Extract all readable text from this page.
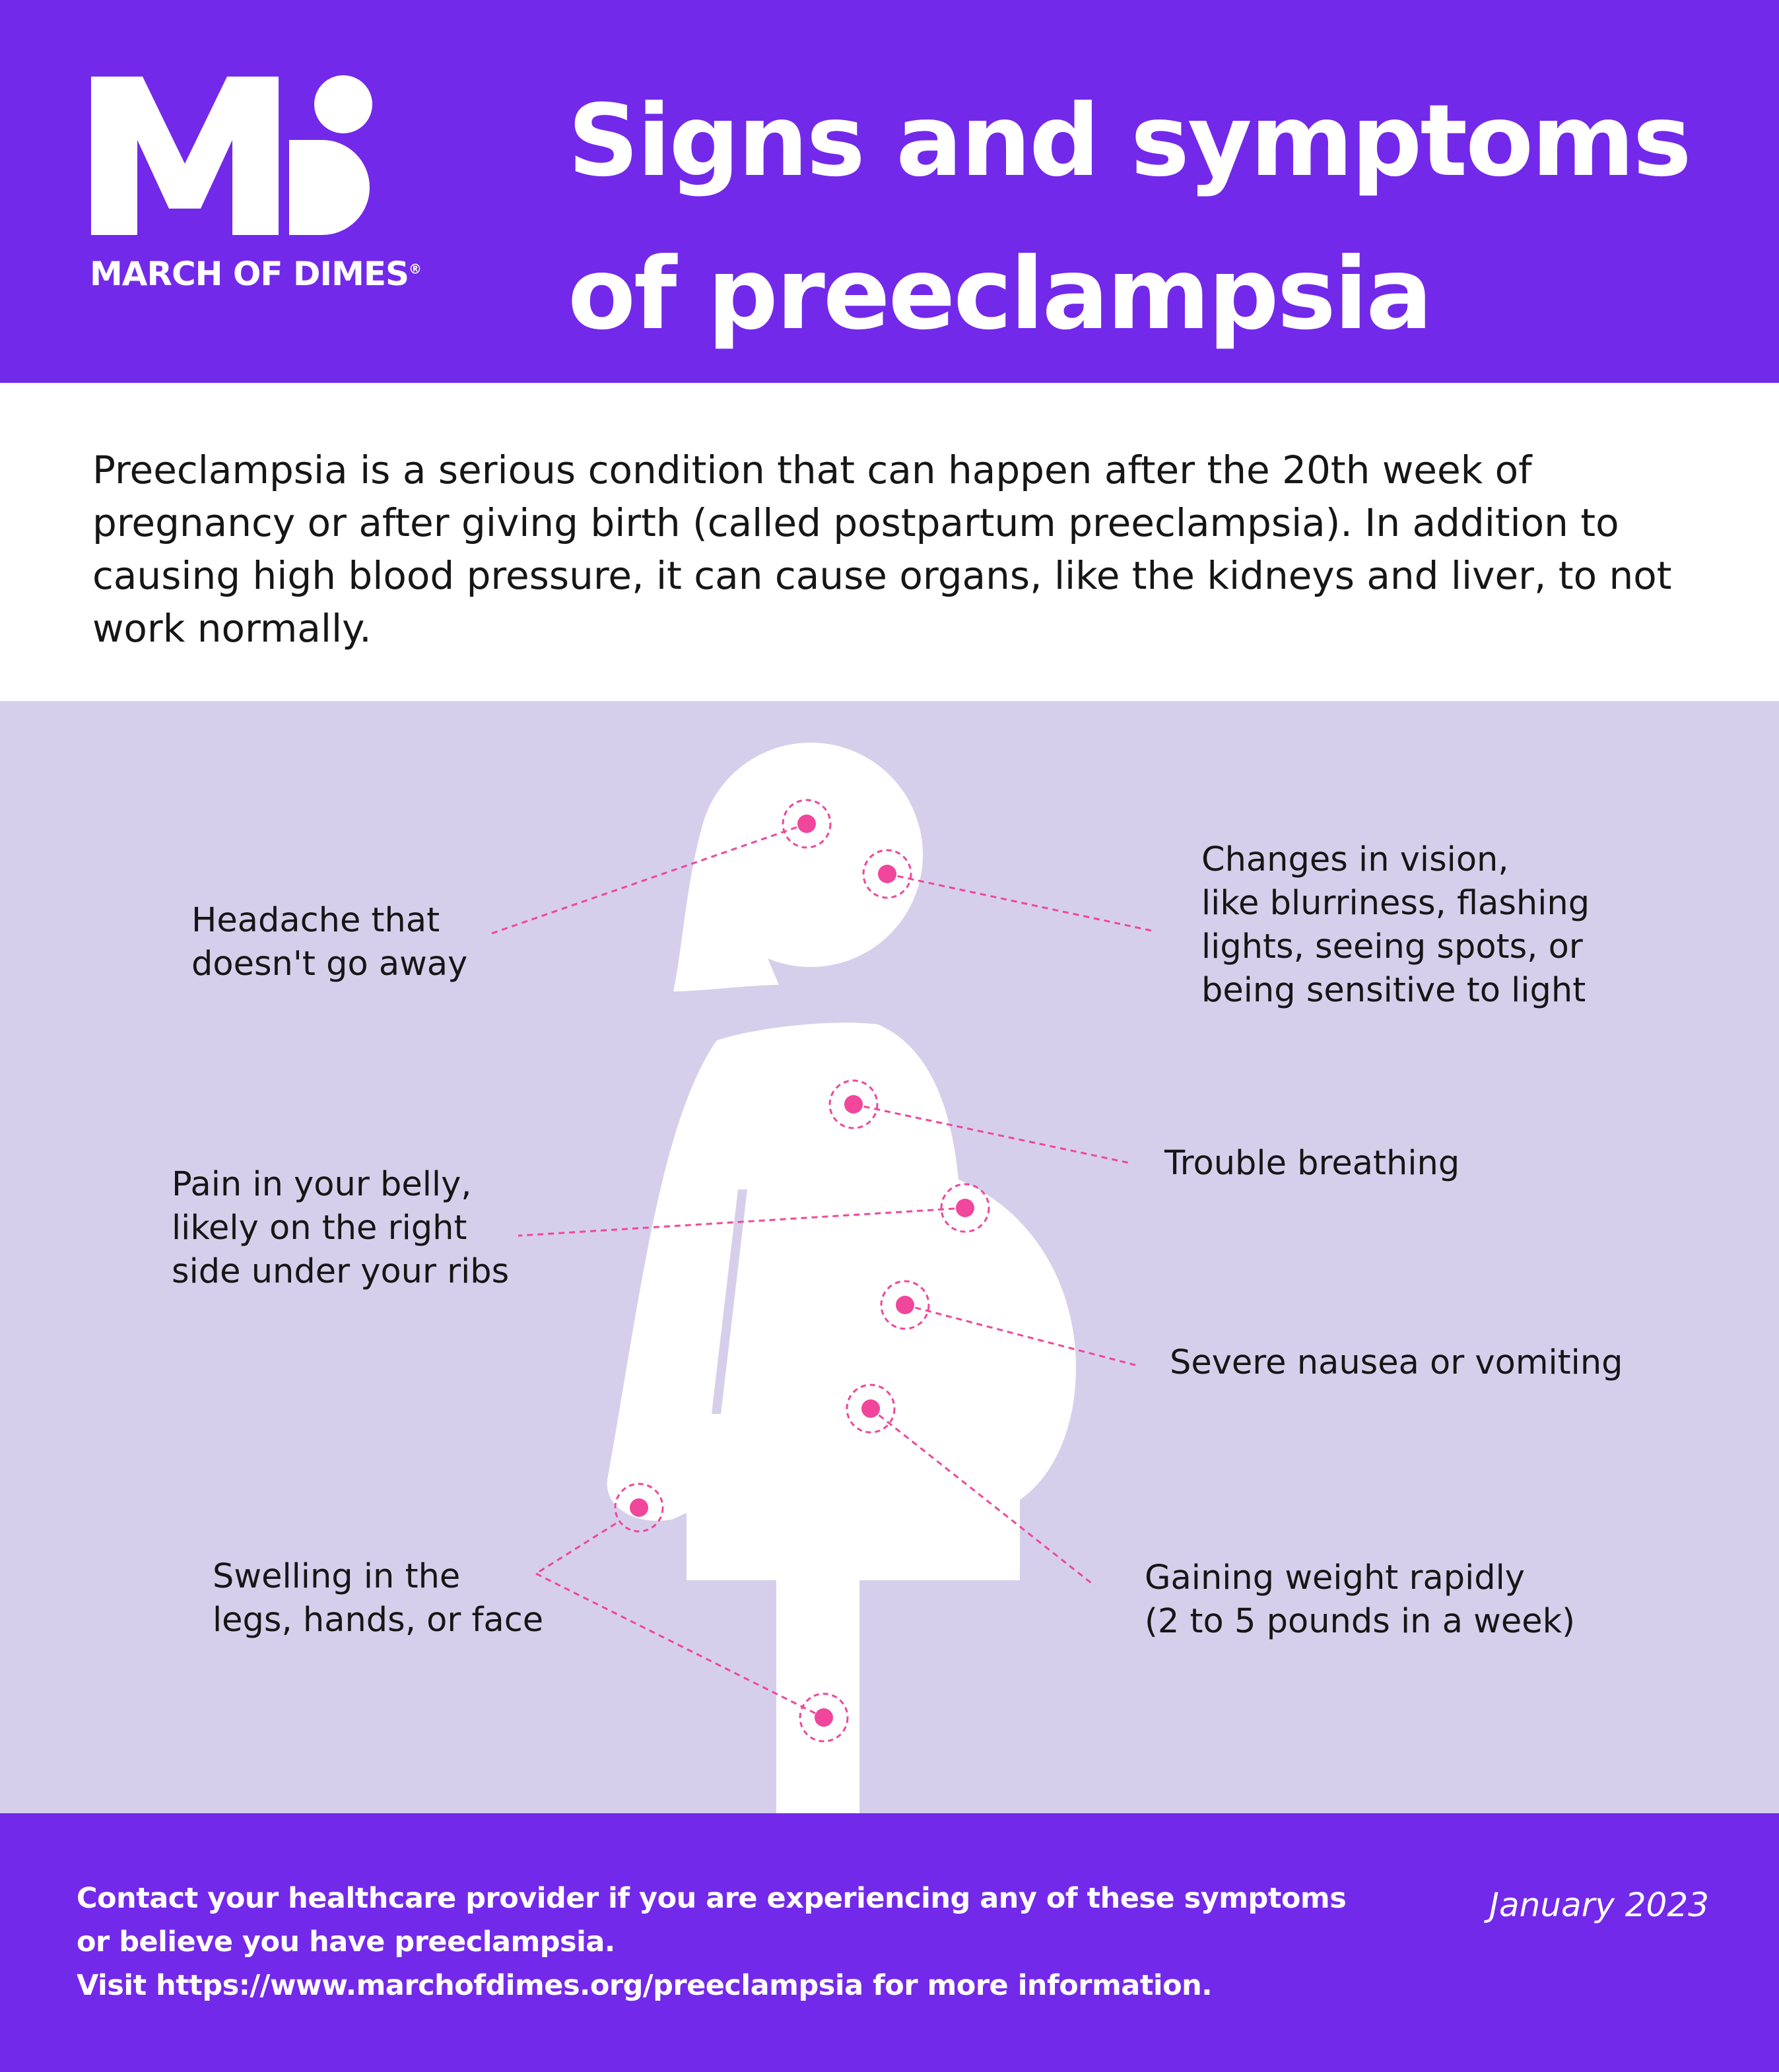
MARCH OF DIMES®
Signs and symptoms of preeclampsia

Preeclampsia is a serious condition that can happen after the 20th week of pregnancy or after giving birth (called postpartum preeclampsia). In addition to causing high blood pressure, it can cause organs, like the kidneys and liver, to not work normally.

Headache that
doesn't go away

Changes in vision,
like blurriness, flashing
lights, seeing spots, or
being sensitive to light

Trouble breathing

Pain in your belly,
likely on the right
side under your ribs

Severe nausea or vomiting

Gaining weight rapidly
(2 to 5 pounds in a week)

Swelling in the
legs, hands, or face

Contact your healthcare provider if you are experiencing any of these symptoms
or believe you have preeclampsia.
Visit https://www.marchofdimes.org/preeclampsia for more information.

January 2023
